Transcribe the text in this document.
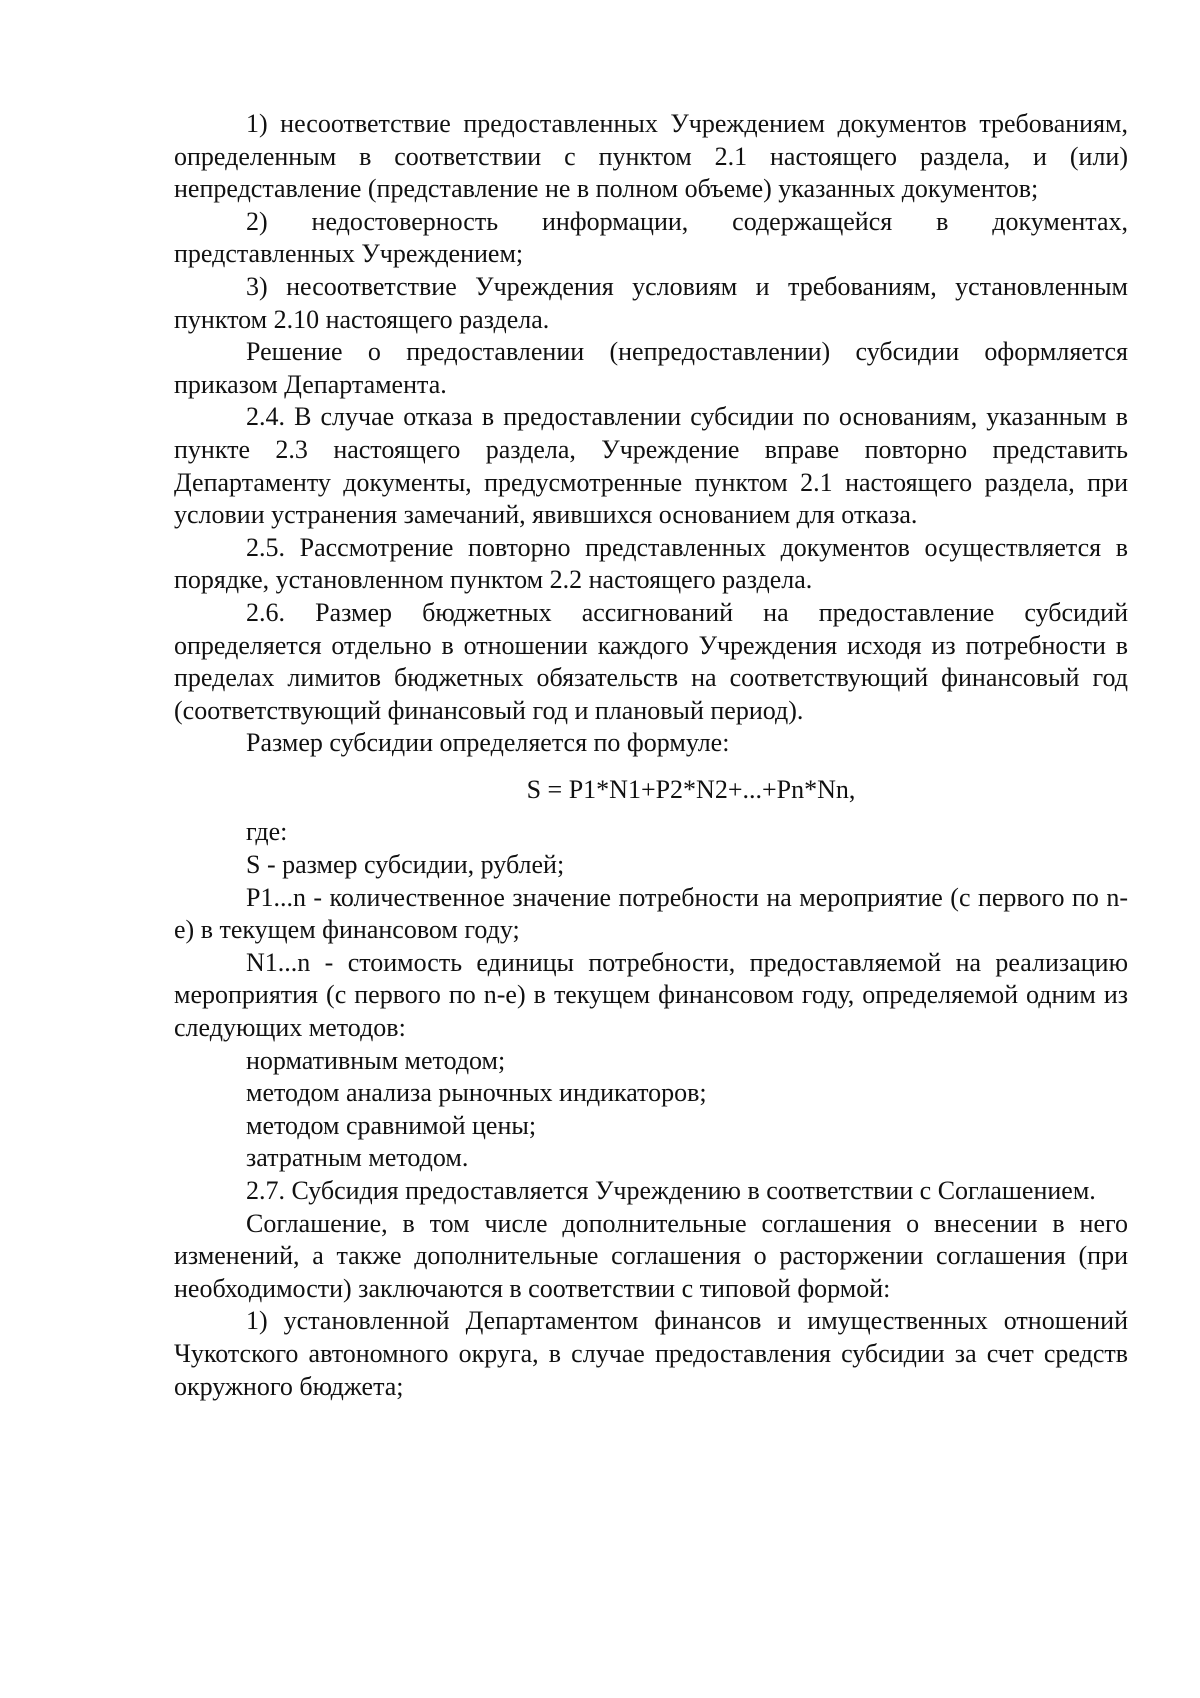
1) несоответствие предоставленных Учреждением документов требованиям, определенным в соответствии с пунктом 2.1 настоящего раздела, и (или) непредставление (представление не в полном объеме) указанных документов;

2) недостоверность информации, содержащейся в документах, представленных Учреждением;

3) несоответствие Учреждения условиям и требованиям, установленным пунктом 2.10 настоящего раздела.

Решение о предоставлении (непредоставлении) субсидии оформляется приказом Департамента.

2.4. В случае отказа в предоставлении субсидии по основаниям, указанным в пункте 2.3 настоящего раздела, Учреждение вправе повторно представить Департаменту документы, предусмотренные пунктом 2.1 настоящего раздела, при условии устранения замечаний, явившихся основанием для отказа.

2.5. Рассмотрение повторно представленных документов осуществляется в порядке, установленном пунктом 2.2 настоящего раздела.

2.6. Размер бюджетных ассигнований на предоставление субсидий определяется отдельно в отношении каждого Учреждения исходя из потребности в пределах лимитов бюджетных обязательств на соответствующий финансовый год (соответствующий финансовый год и плановый период).

Размер субсидии определяется по формуле:

S = P1*N1+P2*N2+...+Pn*Nn,

где:

S - размер субсидии, рублей;

P1...n - количественное значение потребности на мероприятие (с первого по n-е) в текущем финансовом году;

N1...n - стоимость единицы потребности, предоставляемой на реализацию мероприятия (с первого по n-е) в текущем финансовом году, определяемой одним из следующих методов:

нормативным методом;

методом анализа рыночных индикаторов;

методом сравнимой цены;

затратным методом.

2.7. Субсидия предоставляется Учреждению в соответствии с Соглашением.

Соглашение, в том числе дополнительные соглашения о внесении в него изменений, а также дополнительные соглашения о расторжении соглашения (при необходимости) заключаются в соответствии с типовой формой:

1) установленной Департаментом финансов и имущественных отношений Чукотского автономного округа, в случае предоставления субсидии за счет средств окружного бюджета;
